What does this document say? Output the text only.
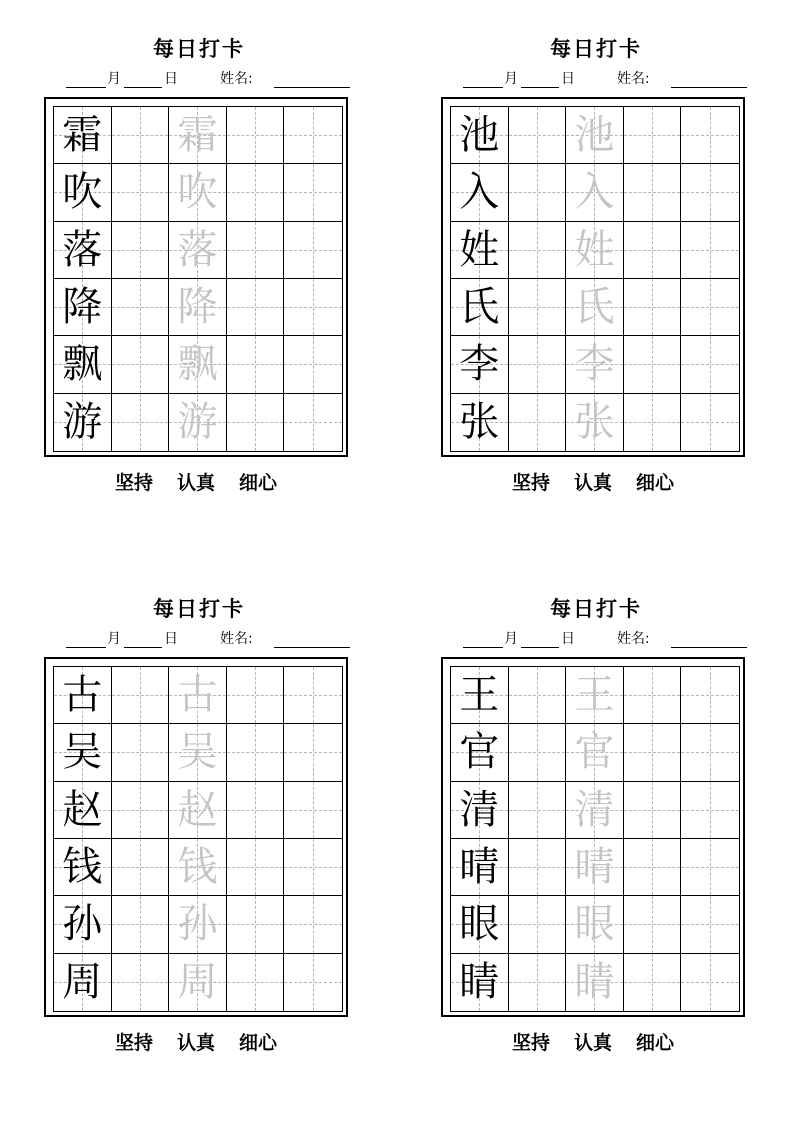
每日打卡
月	日	姓名:
霜 霜
吹 吹
落 落
降 降
飘 飘
游 游
坚持 认真 细心
每日打卡
月	日	姓名:
池 池
入 入
姓 姓
氏 氏
李 李
张 张
坚持 认真 细心
每日打卡
月	日	姓名:
古 古
吴 吴
赵 赵
钱 钱
孙 孙
周 周
坚持 认真 细心
每日打卡
月	日	姓名:
王 王
官 官
清 清
晴 晴
眼 眼
睛 睛
坚持 认真 细心
